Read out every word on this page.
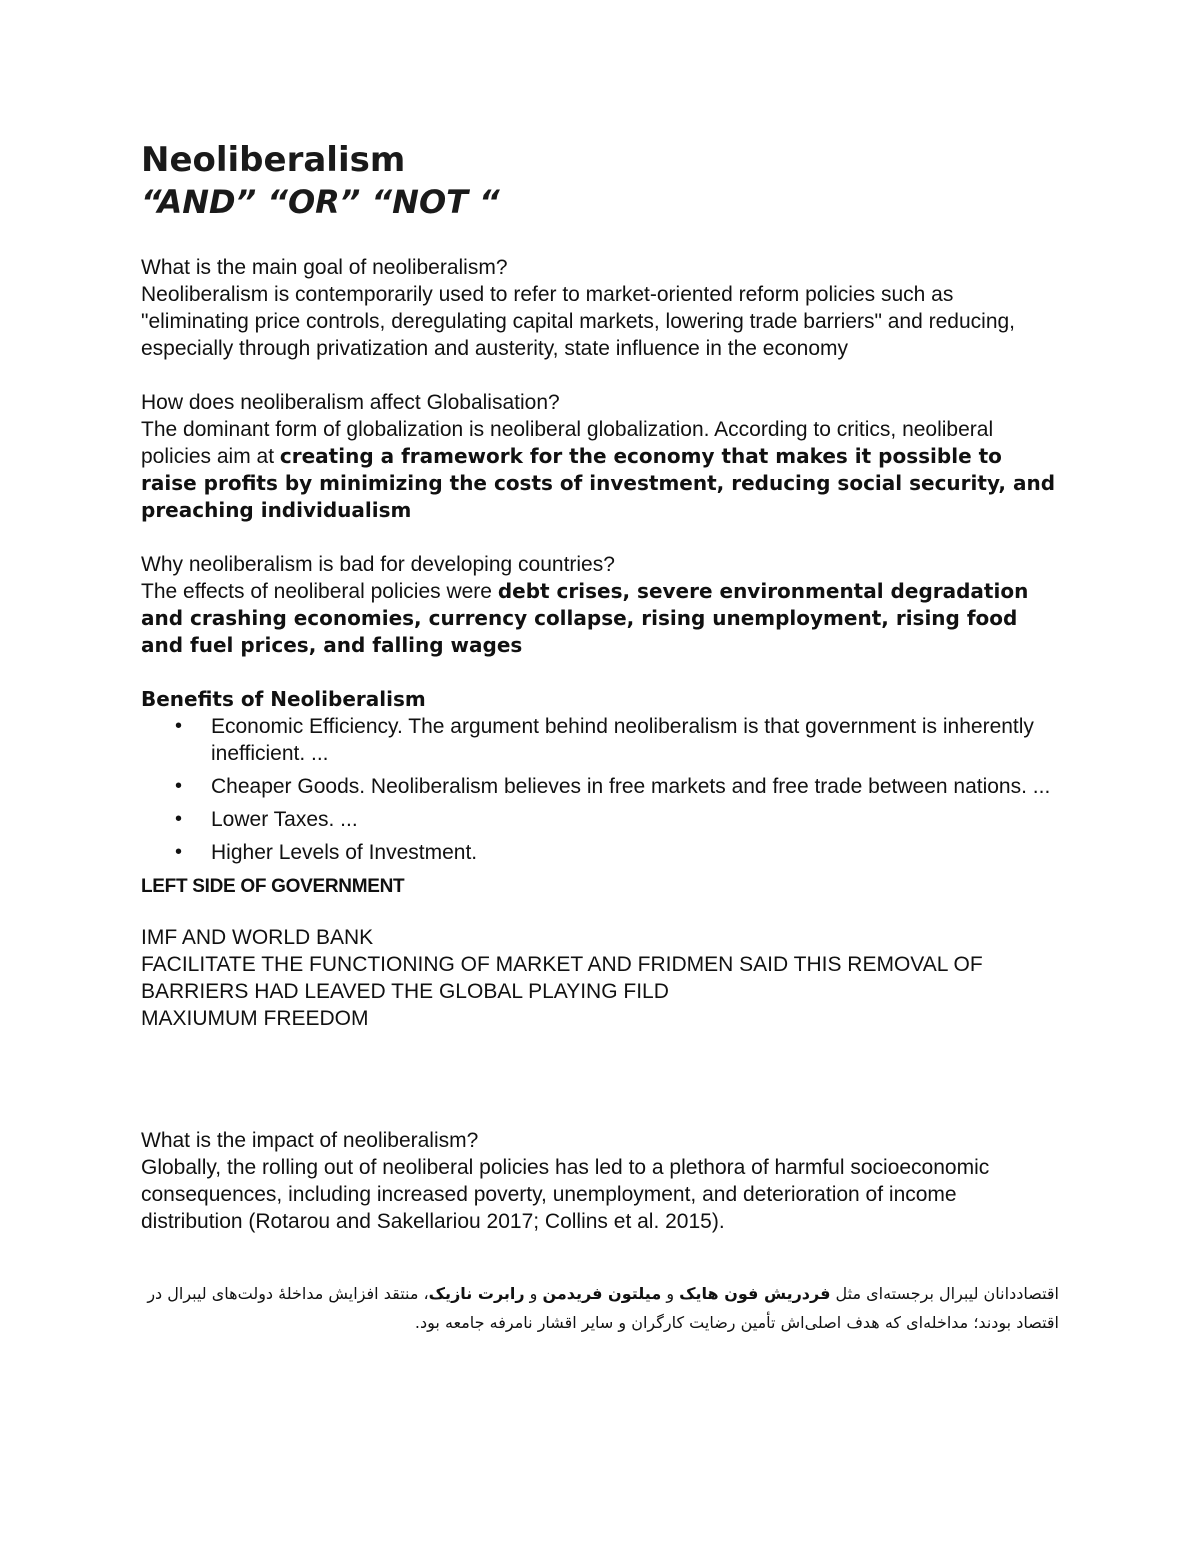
Neoliberalism

“AND” “OR” “NOT “

What is the main goal of neoliberalism?

Neoliberalism is contemporarily used to refer to market-oriented reform policies such as "eliminating price controls, deregulating capital markets, lowering trade barriers" and reducing, especially through privatization and austerity, state influence in the economy

How does neoliberalism affect Globalisation?

The dominant form of globalization is neoliberal globalization. According to critics, neoliberal policies aim at creating a framework for the economy that makes it possible to raise profits by minimizing the costs of investment, reducing social security, and preaching individualism

Why neoliberalism is bad for developing countries?

The effects of neoliberal policies were debt crises, severe environmental degradation and crashing economies, currency collapse, rising unemployment, rising food and fuel prices, and falling wages

Benefits of Neoliberalism

• Economic Efficiency. The argument behind neoliberalism is that government is inherently inefficient. ...
• Cheaper Goods. Neoliberalism believes in free markets and free trade between nations. ...
• Lower Taxes. ...
• Higher Levels of Investment.

LEFT SIDE OF GOVERNMENT

IMF AND WORLD BANK

FACILITATE THE FUNCTIONING OF MARKET AND FRIDMEN SAID THIS REMOVAL OF BARRIERS HAD LEAVED THE GLOBAL PLAYING FILD

MAXIUMUM FREEDOM

What is the impact of neoliberalism?

Globally, the rolling out of neoliberal policies has led to a plethora of harmful socioeconomic consequences, including increased poverty, unemployment, and deterioration of income distribution (Rotarou and Sakellariou 2017; Collins et al. 2015).

اقتصاددانان لیبرال برجسته‌ای مثل فردریش فون هایک و میلتون فریدمن و رابرت نازیک، منتقد افزایش مداخلهٔ دولت‌های لیبرال در اقتصاد بودند؛ مداخله‌ای که هدف اصلی‌اش تأمین رضایت کارگران و سایر اقشار نامرفه جامعه بود.
